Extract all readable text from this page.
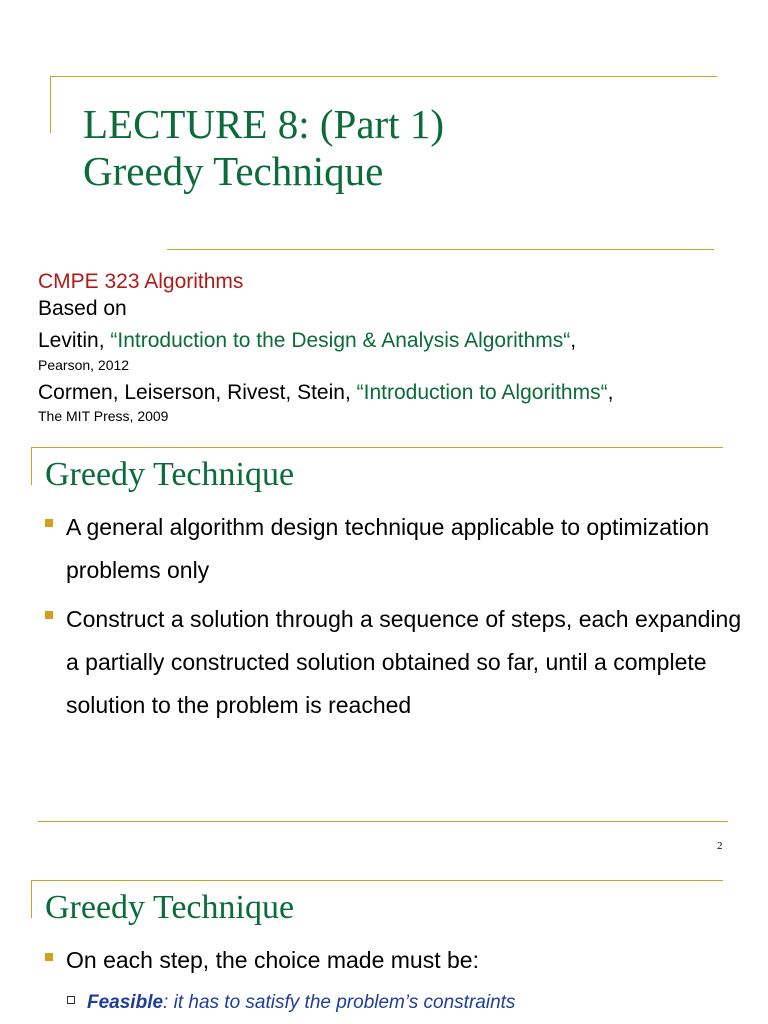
LECTURE 8: (Part 1)
Greedy Technique
CMPE 323 Algorithms
Based on
Levitin, “Introduction to the Design & Analysis Algorithms“,
Pearson, 2012
Cormen, Leiserson, Rivest, Stein, “Introduction to Algorithms“,
The MIT Press, 2009
Greedy Technique
A general algorithm design technique applicable to optimization problems only
Construct a solution through a sequence of steps, each expanding a partially constructed solution obtained so far, until a complete solution to the problem is reached
2
Greedy Technique
On each step, the choice made must be:
Feasible: it has to satisfy the problem’s constraints
